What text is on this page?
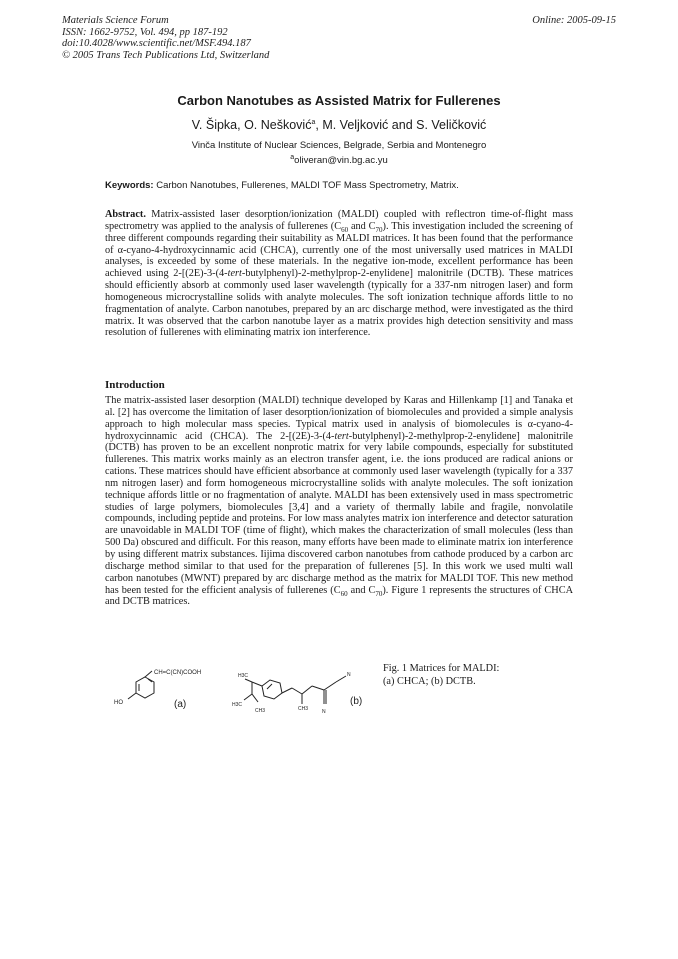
Materials Science Forum
ISSN: 1662-9752, Vol. 494, pp 187-192
doi:10.4028/www.scientific.net/MSF.494.187
© 2005 Trans Tech Publications Ltd, Switzerland
Online: 2005-09-15
Carbon Nanotubes as Assisted Matrix for Fullerenes
V. Šipka, O. Nešković$^a$, M. Veljković and S. Veličković
Vinča Institute of Nuclear Sciences, Belgrade, Serbia and Montenegro
$^a$oliveran@vin.bg.ac.yu
Keywords: Carbon Nanotubes, Fullerenes, MALDI TOF Mass Spectrometry, Matrix.
Abstract. Matrix-assisted laser desorption/ionization (MALDI) coupled with reflectron time-of-flight mass spectrometry was applied to the analysis of fullerenes ($C_{60}$ and $C_{70}$). This investigation included the screening of three different compounds regarding their suitability as MALDI matrices. It has been found that the performance of α-cyano-4-hydroxycinnamic acid (CHCA), currently one of the most universally used matrices in MALDI analyses, is exceeded by some of these materials. In the negative ion-mode, excellent performance has been achieved using 2-[(2E)-3-(4-tert-butylphenyl)-2-methylprop-2-enylidene] malonitrile (DCTB). These matrices should efficiently absorb at commonly used laser wavelength (typically for a 337-nm nitrogen laser) and form homogeneous microcrystalline solids with analyte molecules. The soft ionization technique affords little to no fragmentation of analyte. Carbon nanotubes, prepared by an arc discharge method, were investigated as the third matrix. It was observed that the carbon nanotube layer as a matrix provides high detection sensitivity and mass resolution of fullerenes with eliminating matrix ion interference.
Introduction
The matrix-assisted laser desorption (MALDI) technique developed by Karas and Hillenkamp [1] and Tanaka et al. [2] has overcome the limitation of laser desorption/ionization of biomolecules and provided a simple analysis approach to high molecular mass species. Typical matrix used in analysis of biomolecules is α-cyano-4-hydroxycinnamic acid (CHCA). The 2-[(2E)-3-(4-tert-butylphenyl)-2-methylprop-2-enylidene] malonitrile (DCTB) has proven to be an excellent nonprotic matrix for very labile compounds, especially for substituted fullerenes. This matrix works mainly as an electron transfer agent, i.e. the ions produced are radical anions or cations. These matrices should have efficient absorbance at commonly used laser wavelength (typically for a 337 nm nitrogen laser) and form homogeneous microcrystalline solids with analyte molecules. The soft ionization technique affords little or no fragmentation of analyte. MALDI has been extensively used in mass spectrometric studies of large polymers, biomolecules [3,4] and a variety of thermally labile and fragile, nonvolatile compounds, including peptide and proteins. For low mass analytes matrix ion interference and detector saturation are unavoidable in MALDI TOF (time of flight), which makes the characterization of small molecules (less than 500 Da) obscured and difficult. For this reason, many efforts have been made to eliminate matrix ion interference by using different matrix substances. Iijima discovered carbon nanotubes from cathode produced by a carbon arc discharge method similar to that used for the preparation of fullerenes [5]. In this work we used multi wall carbon nanotubes (MWNT) prepared by arc discharge method as the matrix for MALDI TOF. This new method has been tested for the efficient analysis of fullerenes ($C_{60}$ and $C_{70}$). Figure 1 represents the structures of CHCA and DCTB matrices.
CH=C(CN)COOH
HO	(a)
H3C
H3C
CH3	CH3
N
N
(b)
Fig. 1 Matrices for MALDI:
(a) CHCA; (b) DCTB.
